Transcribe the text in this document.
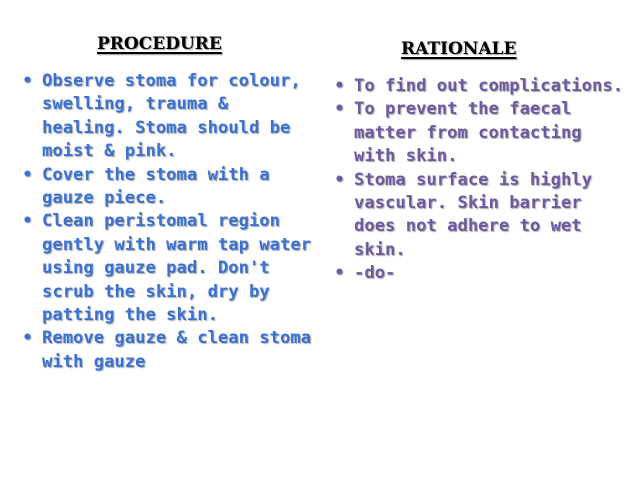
PROCEDURE	RATIONALE
• Observe stoma for colour, swelling, trauma & healing. Stoma should be moist & pink.
• Cover the stoma with a gauze piece.
• Clean peristomal region gently with warm tap water using gauze pad. Don't scrub the skin, dry by patting the skin.
• Remove gauze & clean stoma with gauze
• To find out complications.
• To prevent the faecal matter from contacting with skin.
• Stoma surface is highly vascular. Skin barrier does not adhere to wet skin.
• -do-
